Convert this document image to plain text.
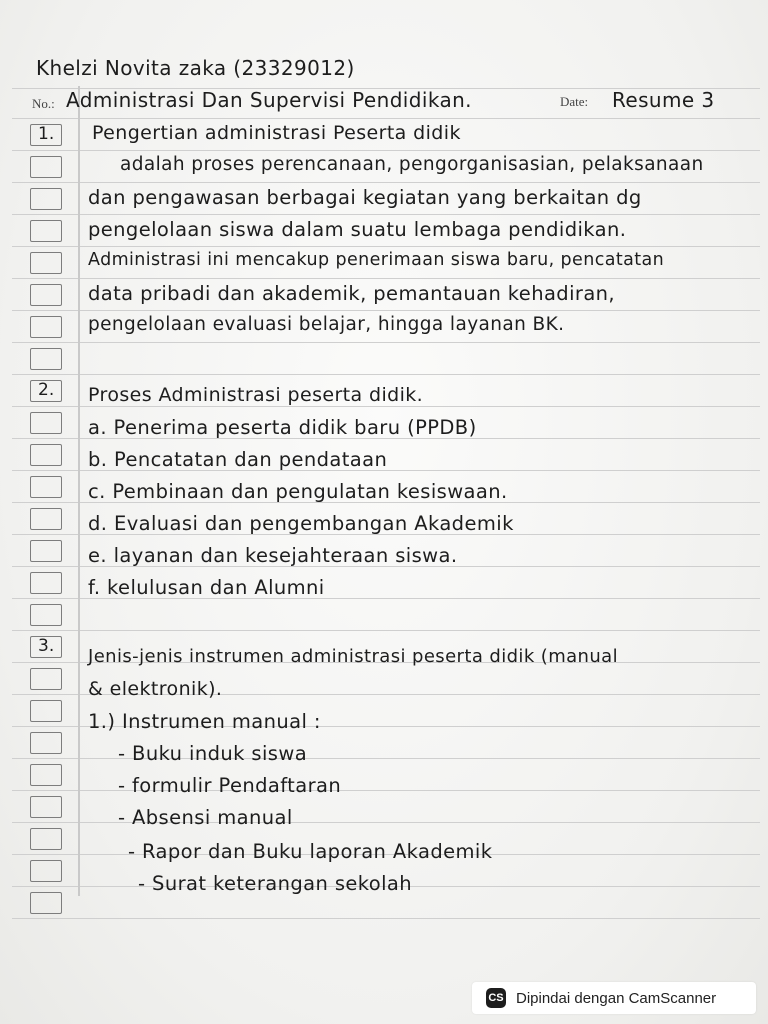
Khelzi Novita zaka (23329012)
No.: Administrasi Dan Supervisi Pendidikan.	Date: Resume 3
1.
2.
3.
Pengertian administrasi Peserta didik
adalah proses perencanaan, pengorganisasian, pelaksanaan
dan pengawasan berbagai kegiatan yang berkaitan dg
pengelolaan siswa dalam suatu lembaga pendidikan.
Administrasi ini mencakup penerimaan siswa baru, pencatatan
data pribadi dan akademik, pemantauan kehadiran,
pengelolaan evaluasi belajar, hingga layanan BK.
Proses Administrasi peserta didik.
a. Penerima peserta didik baru (PPDB)
b. Pencatatan dan pendataan
c. Pembinaan dan pengulatan kesiswaan.
d. Evaluasi dan pengembangan Akademik
e. layanan dan kesejahteraan siswa.
f. kelulusan dan Alumni
Jenis-jenis instrumen administrasi peserta didik (manual
& elektronik).
1.) Instrumen manual :
- Buku induk siswa
- formulir Pendaftaran
- Absensi manual
- Rapor dan Buku laporan Akademik
- Surat keterangan sekolah
CS Dipindai dengan CamScanner
